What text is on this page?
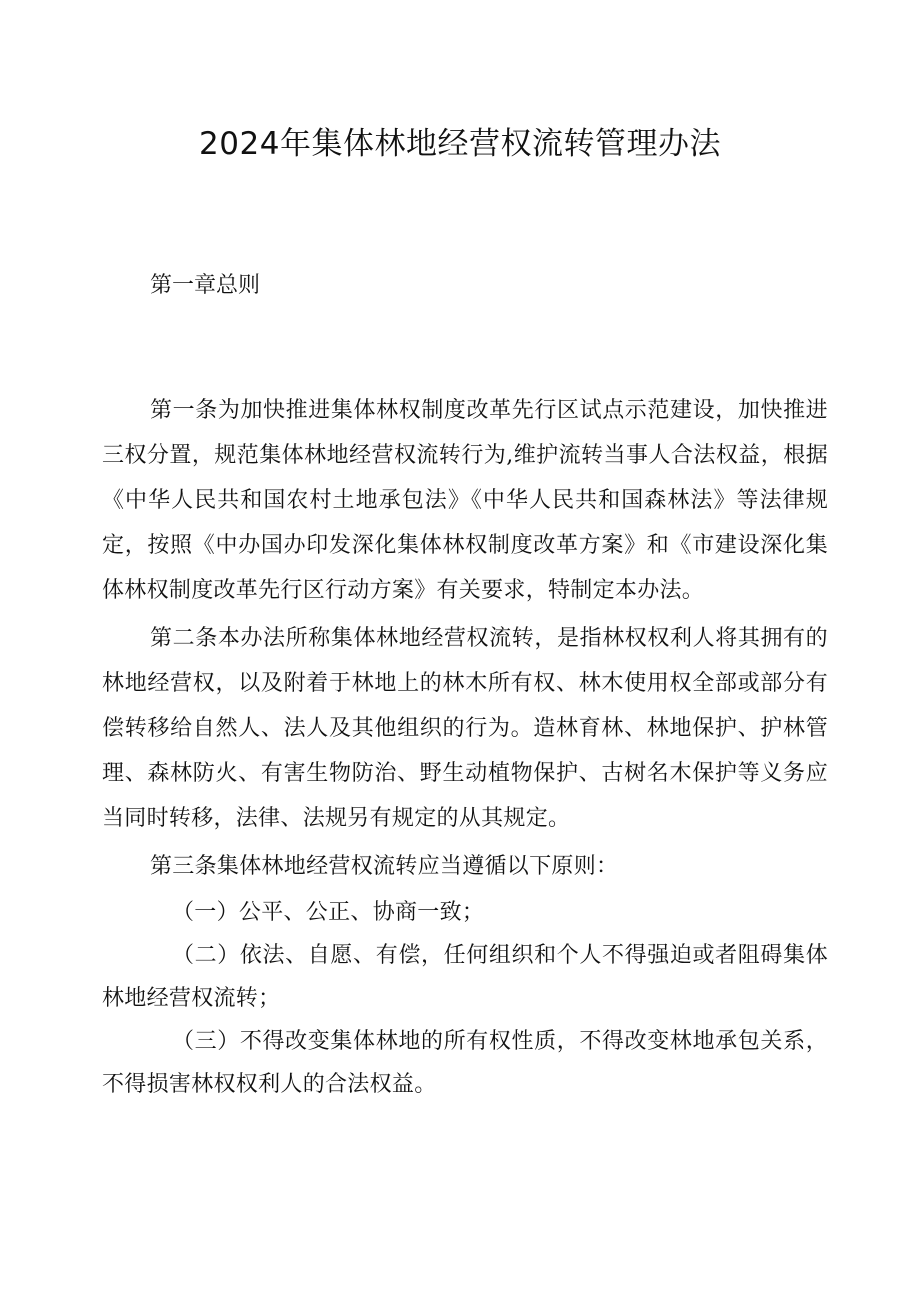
2024年集体林地经营权流转管理办法

第一章总则

第一条为加快推进集体林权制度改革先行区试点示范建设，加快推进三权分置，规范集体林地经营权流转行为,维护流转当事人合法权益，根据《中华人民共和国农村土地承包法》《中华人民共和国森林法》等法律规定，按照《中办国办印发深化集体林权制度改革方案》和《市建设深化集体林权制度改革先行区行动方案》有关要求，特制定本办法。

第二条本办法所称集体林地经营权流转，是指林权权利人将其拥有的林地经营权，以及附着于林地上的林木所有权、林木使用权全部或部分有偿转移给自然人、法人及其他组织的行为。造林育林、林地保护、护林管理、森林防火、有害生物防治、野生动植物保护、古树名木保护等义务应当同时转移，法律、法规另有规定的从其规定。

第三条集体林地经营权流转应当遵循以下原则：

（一）公平、公正、协商一致；

（二）依法、自愿、有偿，任何组织和个人不得强迫或者阻碍集体林地经营权流转；

（三）不得改变集体林地的所有权性质，不得改变林地承包关系，不得损害林权权利人的合法权益。
